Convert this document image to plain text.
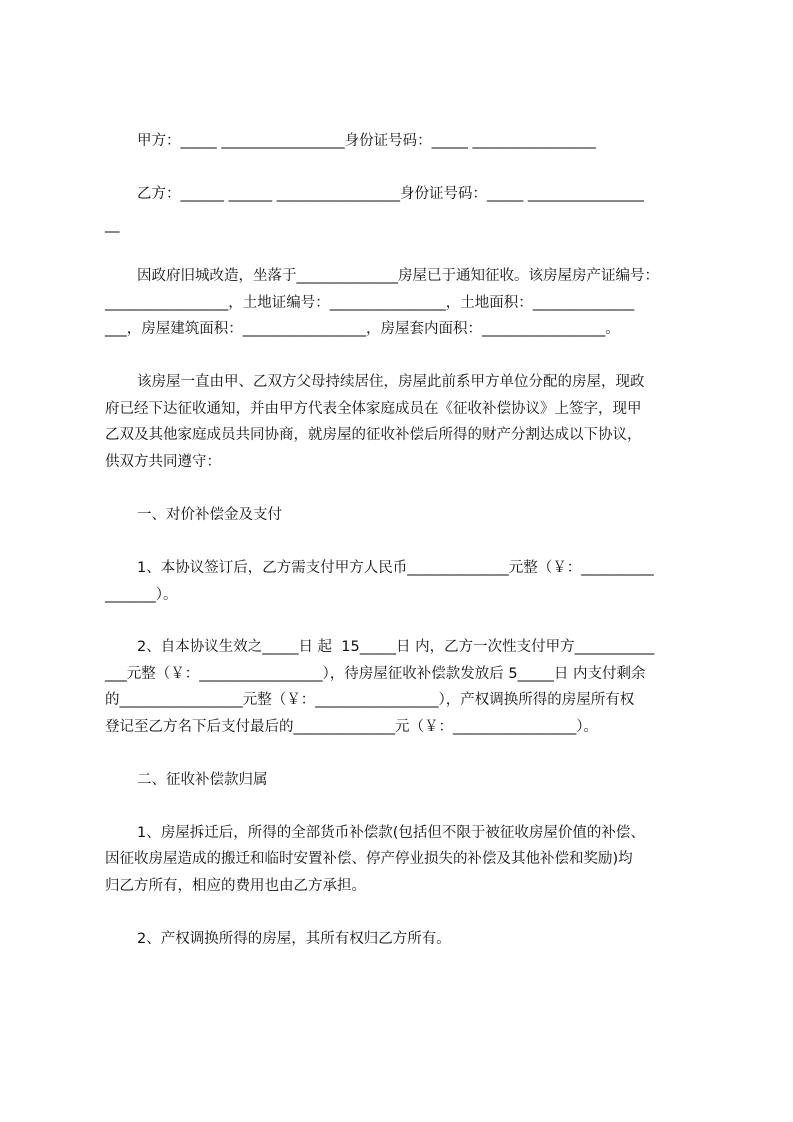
甲方：_____ _________________身份证号码：_____ _________________

乙方：______ ______ _________________身份证号码：_____ ________________

__

因政府旧城改造，坐落于______________房屋已于通知征收。该房屋房产证编号：

_________________，土地证编号：________________，土地面积：______________

___，房屋建筑面积：_________________，房屋套内面积：_________________。

该房屋一直由甲、乙双方父母持续居住，房屋此前系甲方单位分配的房屋，现政

府已经下达征收通知，并由甲方代表全体家庭成员在《征收补偿协议》上签字，现甲

乙双及其他家庭成员共同协商，就房屋的征收补偿后所得的财产分割达成以下协议，

供双方共同遵守：

一、对价补偿金及支付

1、本协议签订后，乙方需支付甲方人民币______________元整（￥：__________

_______）。

2、自本协议生效之_____日 起  15_____日 内，乙方一次性支付甲方___________

___元整（￥：_________________），待房屋征收补偿款发放后 5_____日 内支付剩余

的_________________元整（￥：_________________），产权调换所得的房屋所有权

登记至乙方名下后支付最后的______________元（￥：_________________）。

二、征收补偿款归属

1、房屋拆迁后，所得的全部货币补偿款(包括但不限于被征收房屋价值的补偿、

因征收房屋造成的搬迁和临时安置补偿、停产停业损失的补偿及其他补偿和奖励)均

归乙方所有，相应的费用也由乙方承担。

2、产权调换所得的房屋，其所有权归乙方所有。
